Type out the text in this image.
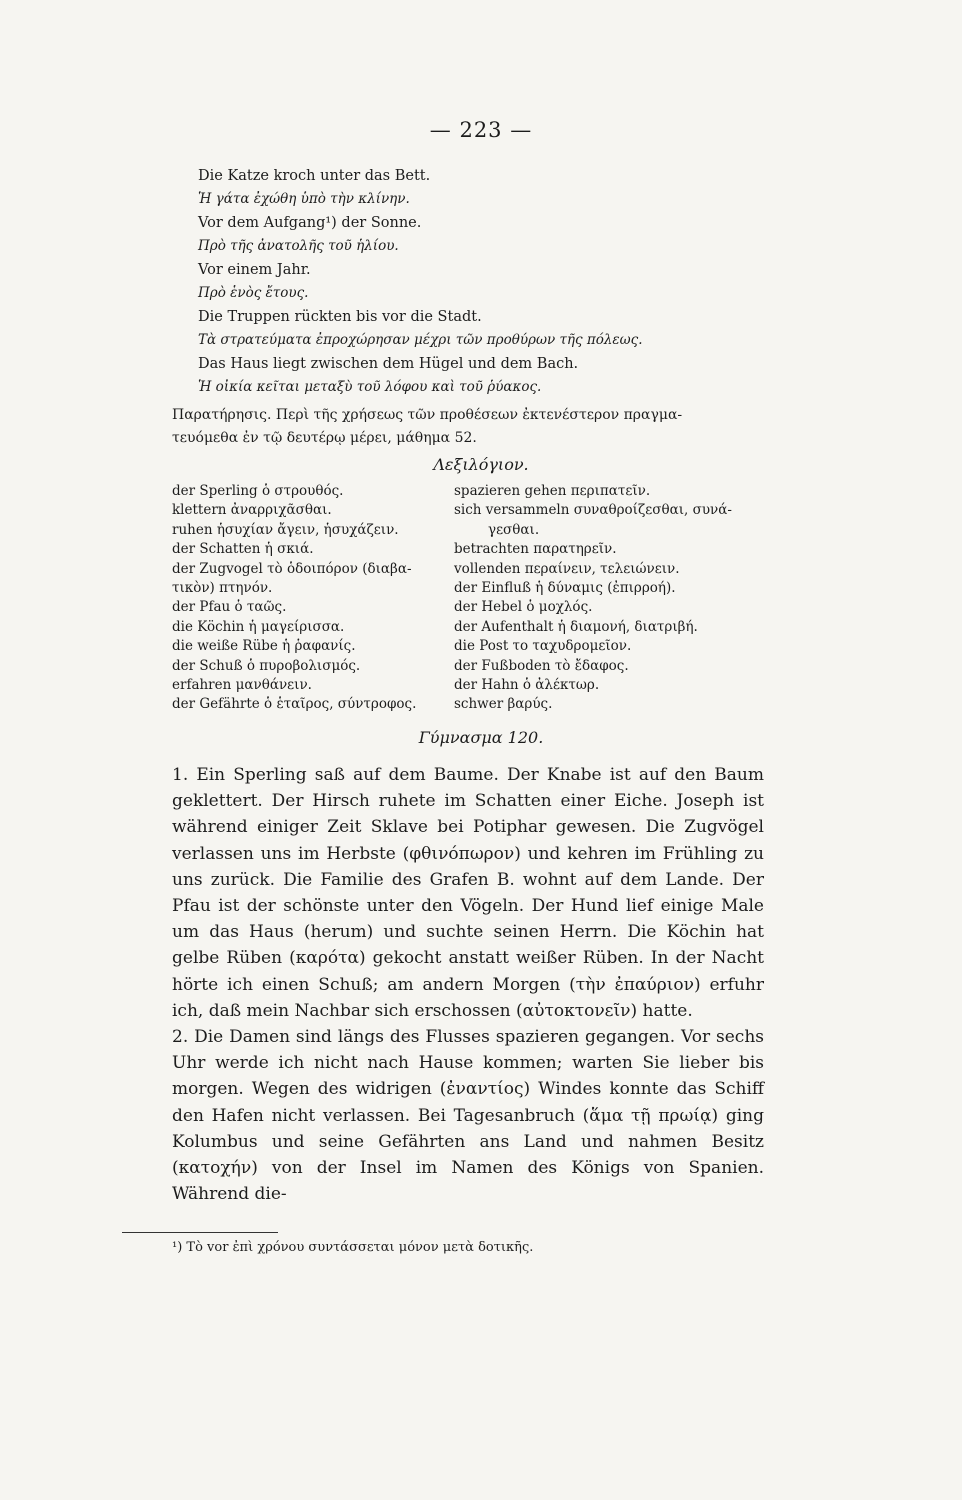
— 223 —
Die Katze kroch unter das Bett.
Ἡ γάτα ἐχώθη ὑπὸ τὴν κλίνην.
Vor dem Aufgang¹) der Sonne.
Πρὸ τῆς ἀνατολῆς τοῦ ἡλίου.
Vor einem Jahr.
Πρὸ ἑνὸς ἔτους.
Die Truppen rückten bis vor die Stadt.
Τὰ στρατεύματα ἐπροχώρησαν μέχρι τῶν προθύρων τῆς πόλεως.
Das Haus liegt zwischen dem Hügel und dem Bach.
Ἡ οἰκία κεῖται μεταξὺ τοῦ λόφου καὶ τοῦ ῥύακος.
Παρατήρησις. Περὶ τῆς χρήσεως τῶν προθέσεων ἐκτενέστερον πραγμα-
τευόμεθα ἐν τῷ δευτέρῳ μέρει, μάθημα 52.
Λεξιλόγιον.
der Sperling ὁ στρουθός.
klettern ἀναρριχᾶσθαι.
ruhen ἡσυχίαν ἄγειν, ἡσυχάζειν.
der Schatten ἡ σκιά.
der Zugvogel τὸ ὁδοιπόρον (διαβα-
τικὸν) πτηνόν.
der Pfau ὁ ταῶς.
die Köchin ἡ μαγείρισσα.
die weiße Rübe ἡ ῥαφανίς.
der Schuß ὁ πυροβολισμός.
erfahren μανθάνειν.
der Gefährte ὁ ἑταῖρος, σύντροφος.
spazieren gehen περιπατεῖν.
sich versammeln συναθροίζεσθαι, συνά-
γεσθαι.
betrachten παρατηρεῖν.
vollenden περαίνειν, τελειώνειν.
der Einfluß ἡ δύναμις (ἐπιρροή).
der Hebel ὁ μοχλός.
der Aufenthalt ἡ διαμονή, διατριβή.
die Post το ταχυδρομεῖον.
der Fußboden τὸ ἔδαφος.
der Hahn ὁ ἀλέκτωρ.
schwer βαρύς.
Γύμνασμα 120.

1. Ein Sperling saß auf dem Baume. Der Knabe ist auf den Baum geklettert. Der Hirsch ruhete im Schatten einer Eiche. Joseph ist während einiger Zeit Sklave bei Potiphar gewesen. Die Zugvögel verlassen uns im Herbste (φθινόπωρον) und kehren im Frühling zu uns zurück. Die Familie des Grafen B. wohnt auf dem Lande. Der Pfau ist der schönste unter den Vögeln. Der Hund lief einige Male um das Haus (herum) und suchte seinen Herrn. Die Köchin hat gelbe Rüben (καρότα) gekocht anstatt weißer Rüben. In der Nacht hörte ich einen Schuß; am andern Morgen (τὴν ἐπαύριον) erfuhr ich, daß mein Nachbar sich erschossen (αὐτοκτονεῖν) hatte.

2. Die Damen sind längs des Flusses spazieren gegangen. Vor sechs Uhr werde ich nicht nach Hause kommen; warten Sie lieber bis morgen. Wegen des widrigen (ἐναντίος) Windes konnte das Schiff den Hafen nicht verlassen. Bei Tagesanbruch (ἅμα τῇ πρωίᾳ) ging Kolumbus und seine Gefährten ans Land und nahmen Besitz (κατοχήν) von der Insel im Namen des Königs von Spanien. Während die-

¹) Τὸ vor ἐπὶ χρόνου συντάσσεται μόνον μετὰ δοτικῆς.
